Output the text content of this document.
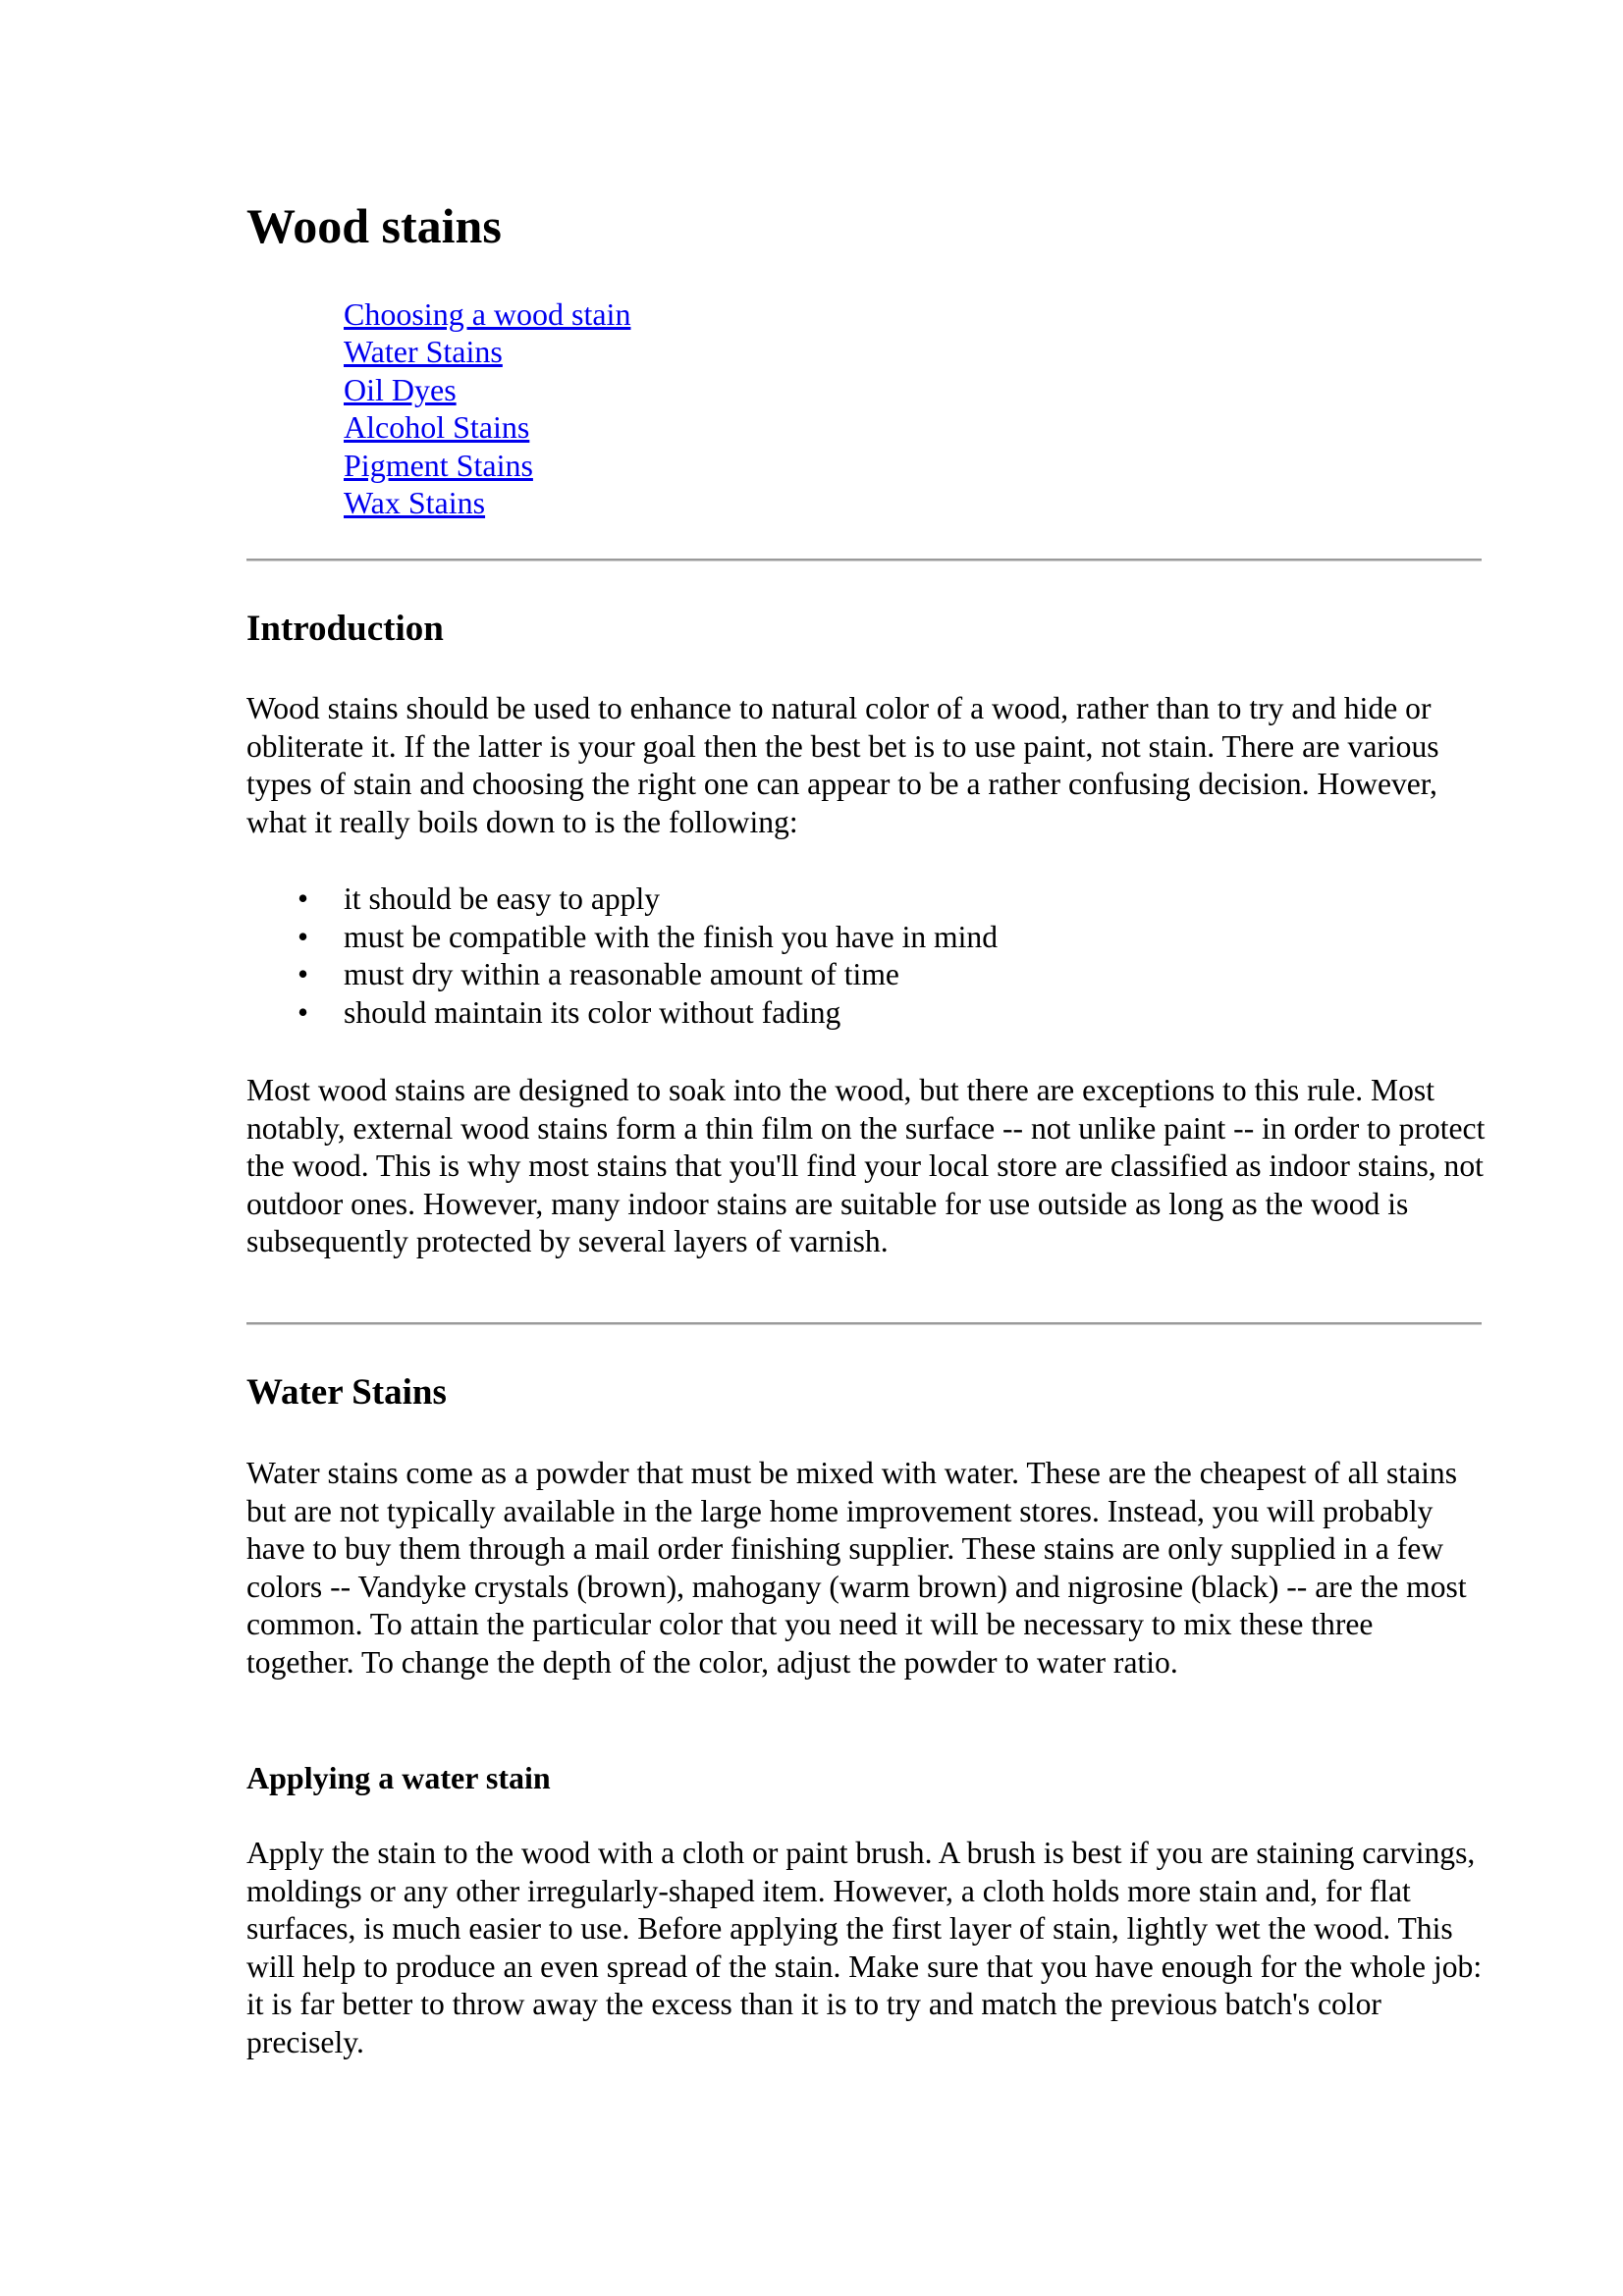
Wood stains
Choosing a wood stain
Water Stains
Oil Dyes
Alcohol Stains
Pigment Stains
Wax Stains
Introduction

Wood stains should be used to enhance to natural color of a wood, rather than to try and hide or obliterate it. If the latter is your goal then the best bet is to use paint, not stain. There are various types of stain and choosing the right one can appear to be a rather confusing decision. However, what it really boils down to is the following:

• it should be easy to apply
• must be compatible with the finish you have in mind
• must dry within a reasonable amount of time
• should maintain its color without fading

Most wood stains are designed to soak into the wood, but there are exceptions to this rule. Most notably, external wood stains form a thin film on the surface -- not unlike paint -- in order to protect the wood. This is why most stains that you'll find your local store are classified as indoor stains, not outdoor ones. However, many indoor stains are suitable for use outside as long as the wood is subsequently protected by several layers of varnish.

Water Stains

Water stains come as a powder that must be mixed with water. These are the cheapest of all stains but are not typically available in the large home improvement stores. Instead, you will probably have to buy them through a mail order finishing supplier. These stains are only supplied in a few colors -- Vandyke crystals (brown), mahogany (warm brown) and nigrosine (black) -- are the most common. To attain the particular color that you need it will be necessary to mix these three together. To change the depth of the color, adjust the powder to water ratio.

Applying a water stain

Apply the stain to the wood with a cloth or paint brush. A brush is best if you are staining carvings, moldings or any other irregularly-shaped item. However, a cloth holds more stain and, for flat surfaces, is much easier to use. Before applying the first layer of stain, lightly wet the wood. This will help to produce an even spread of the stain. Make sure that you have enough for the whole job: it is far better to throw away the excess than it is to try and match the previous batch's color precisely.
